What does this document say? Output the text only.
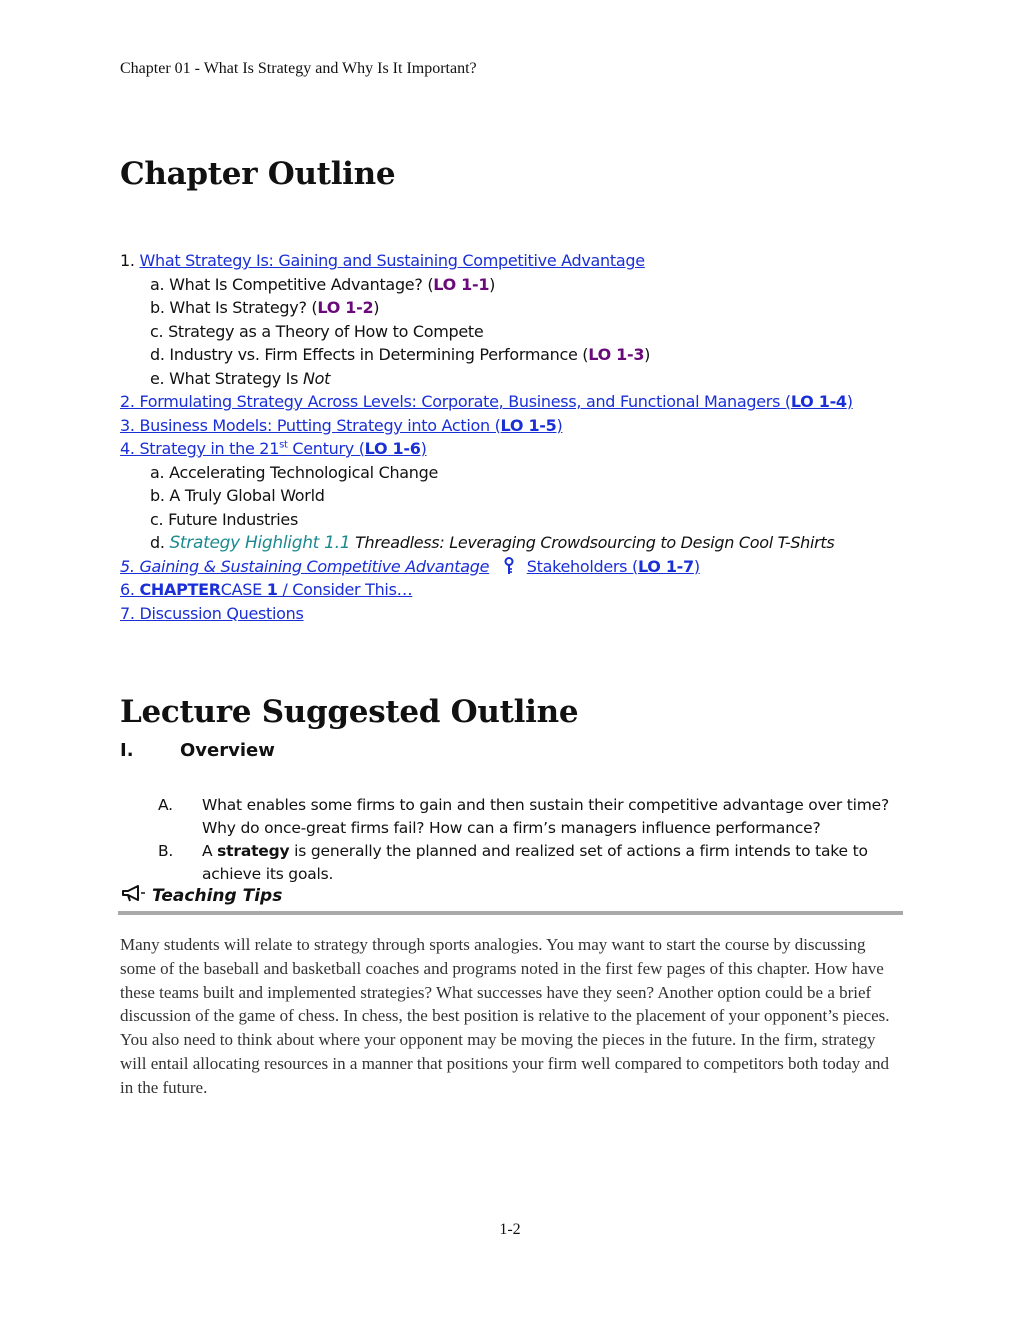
Chapter 01 - What Is Strategy and Why Is It Important?
Chapter Outline
1. What Strategy Is: Gaining and Sustaining Competitive Advantage
a. What Is Competitive Advantage? (LO 1-1)
b. What Is Strategy? (LO 1-2)
c. Strategy as a Theory of How to Compete
d. Industry vs. Firm Effects in Determining Performance (LO 1-3)
e. What Strategy Is Not
2. Formulating Strategy Across Levels: Corporate, Business, and Functional Managers (LO 1-4)
3. Business Models: Putting Strategy into Action (LO 1-5)
4. Strategy in the 21st Century (LO 1-6)
a. Accelerating Technological Change
b. A Truly Global World
c. Future Industries
d. Strategy Highlight 1.1 Threadless: Leveraging Crowdsourcing to Design Cool T-Shirts
5. Gaining & Sustaining Competitive Advantage Stakeholders (LO 1-7)
6. CHAPTERCASE 1 / Consider This…
7. Discussion Questions
Lecture Suggested Outline
I.	Overview
A.	What enables some firms to gain and then sustain their competitive advantage over time? Why do once-great firms fail? How can a firm’s managers influence performance?
B.	A strategy is generally the planned and realized set of actions a firm intends to take to achieve its goals.
Teaching Tips
Many students will relate to strategy through sports analogies. You may want to start the course by discussing some of the baseball and basketball coaches and programs noted in the first few pages of this chapter. How have these teams built and implemented strategies? What successes have they seen? Another option could be a brief discussion of the game of chess. In chess, the best position is relative to the placement of your opponent’s pieces. You also need to think about where your opponent may be moving the pieces in the future. In the firm, strategy will entail allocating resources in a manner that positions your firm well compared to competitors both today and in the future.
1-2
